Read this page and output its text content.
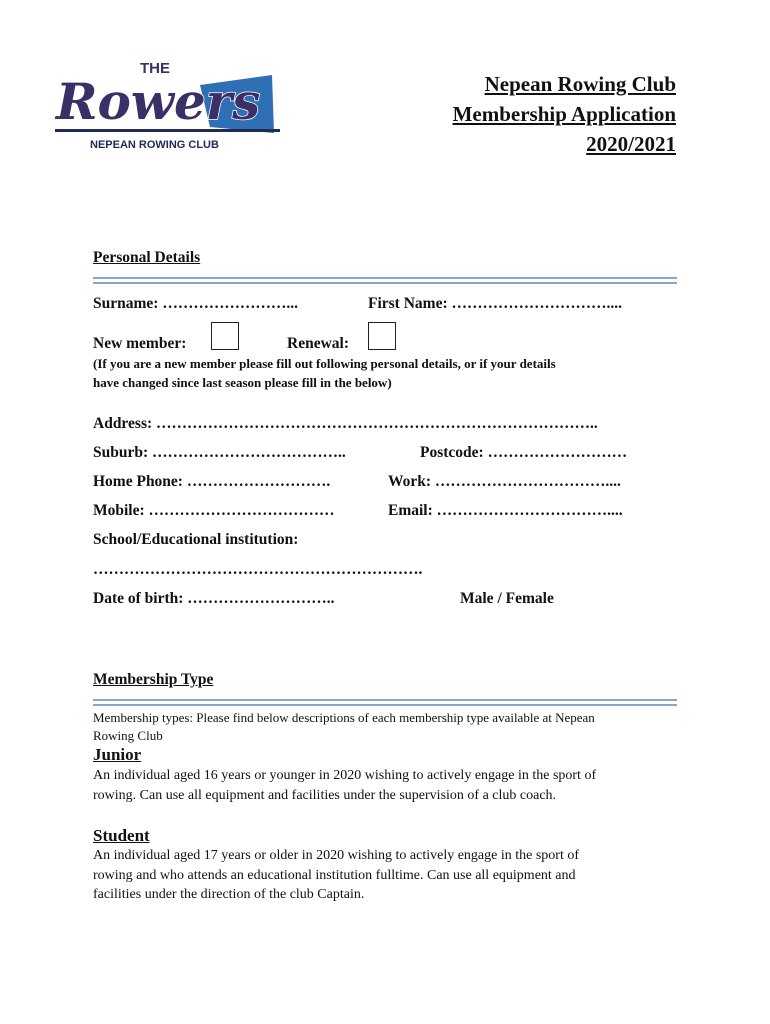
THE
Rowers
NEPEAN ROWING CLUB
Nepean Rowing Club
Membership Application
2020/2021
Personal Details
Surname: ……………………...	First Name: …………………………....
New member:	Renewal:
(If you are a new member please fill out following personal details, or if your details
have changed since last season please fill in the below)
Address: …………………………………………………………………………..
Suburb: ………………………………..	Postcode: ………………………
Home Phone: ……………………….	Work: ……………………………....
Mobile: ………………………………	Email: ……………………………....
School/Educational institution:
……………………………………………………….
Date of birth: ………………………..	Male / Female
Membership Type
Membership types: Please find below descriptions of each membership type available at Nepean
Rowing Club
Junior
An individual aged 16 years or younger in 2020 wishing to actively engage in the sport of
rowing. Can use all equipment and facilities under the supervision of a club coach.
Student
An individual aged 17 years or older in 2020 wishing to actively engage in the sport of
rowing and who attends an educational institution fulltime. Can use all equipment and
facilities under the direction of the club Captain.
